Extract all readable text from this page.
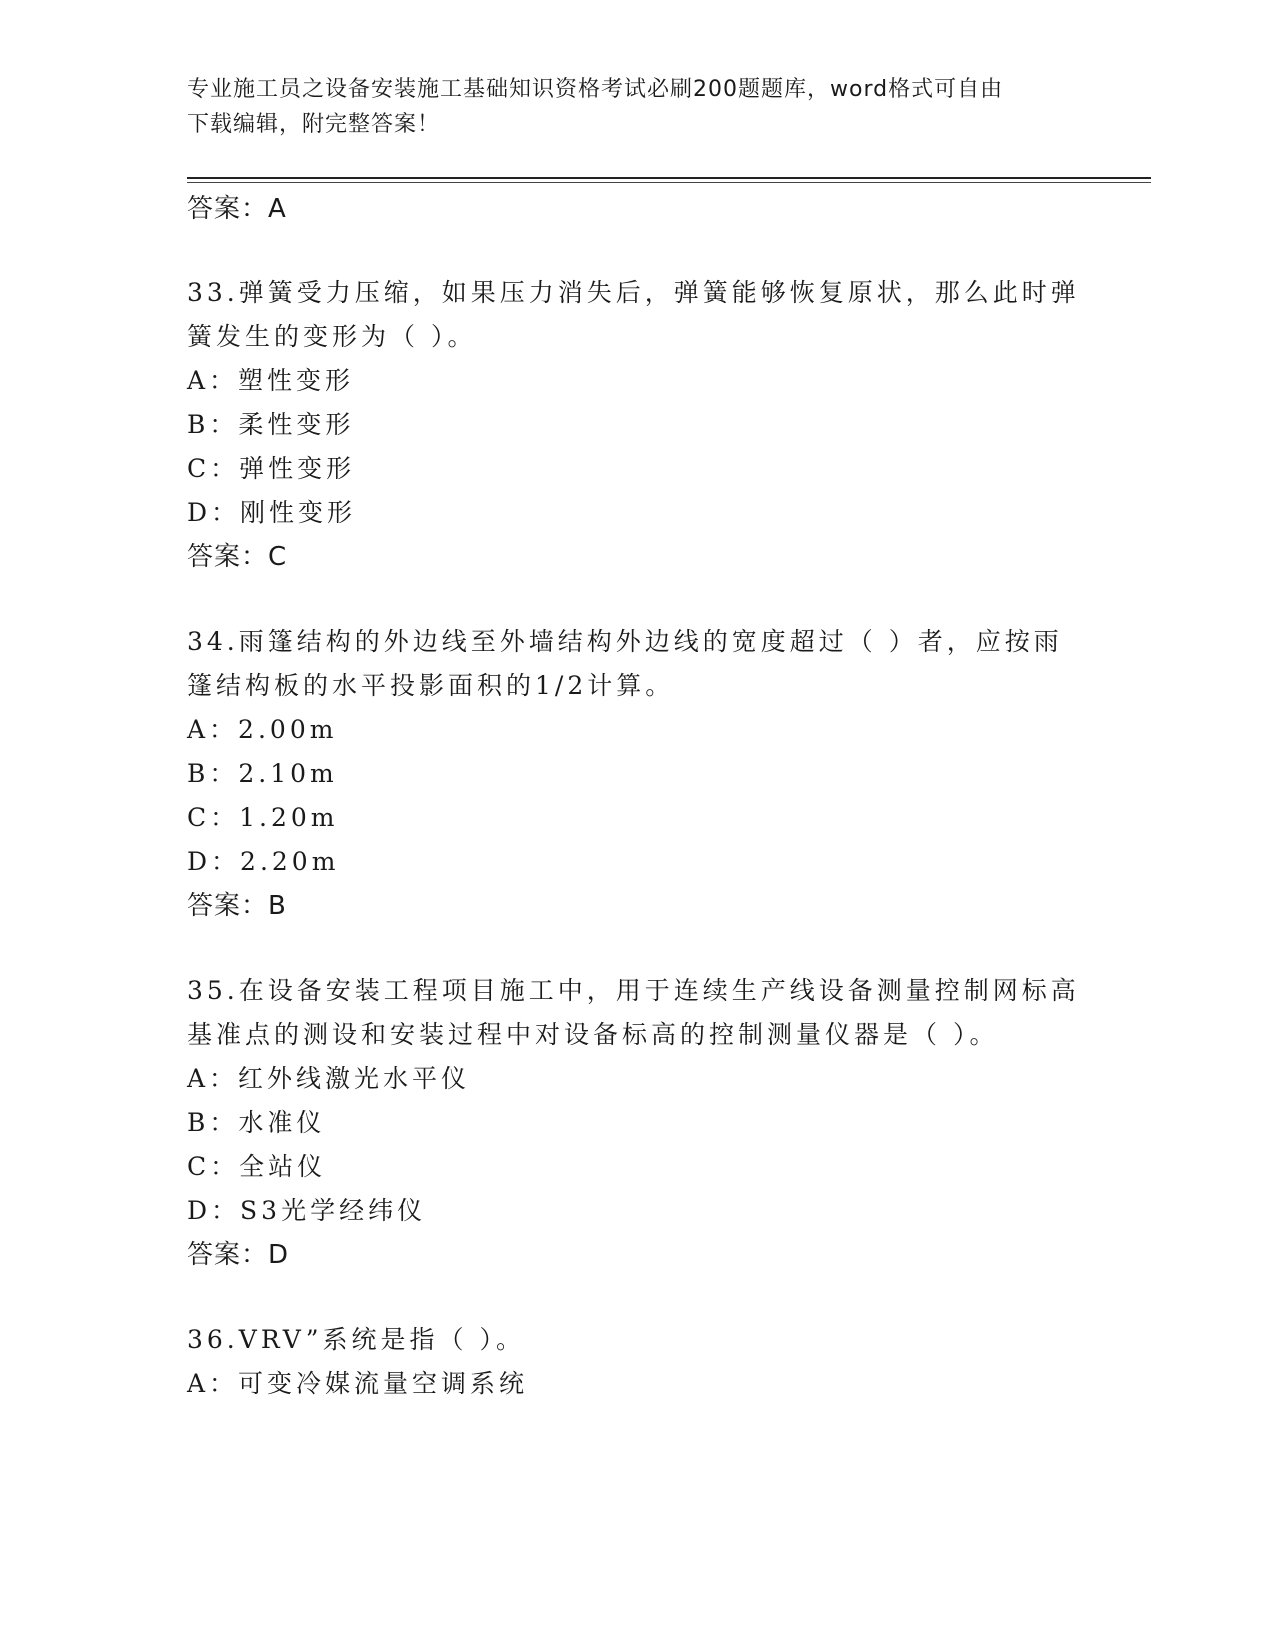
专业施工员之设备安装施工基础知识资格考试必刷200题题库，word格式可自由
下载编辑，附完整答案！
答案：A
33.弹簧受力压缩，如果压力消失后，弹簧能够恢复原状，那么此时弹
簧发生的变形为（ ）。
A：塑性变形
B：柔性变形
C：弹性变形
D：刚性变形
答案：C
34.雨篷结构的外边线至外墙结构外边线的宽度超过（ ）者，应按雨
篷结构板的水平投影面积的1/2计算。
A：2.00m
B：2.10m
C：1.20m
D：2.20m
答案：B
35.在设备安装工程项目施工中，用于连续生产线设备测量控制网标高
基准点的测设和安装过程中对设备标高的控制测量仪器是（ ）。
A：红外线激光水平仪
B：水准仪
C：全站仪
D：S3光学经纬仪
答案：D
36.VRV”系统是指（ ）。
A：可变冷媒流量空调系统
